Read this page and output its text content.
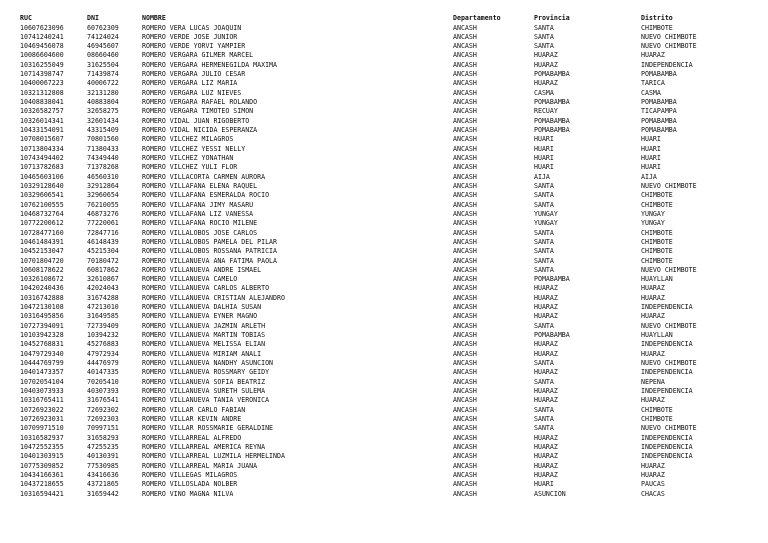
RUC	DNI	NOMBRE	Departamento	Provincia	Distrito
10607623096	60762309	ROMERO VERA LUCAS JOAQUIN	ANCASH	SANTA	CHIMBOTE
10741240241	74124024	ROMERO VERDE JOSE JUNIOR	ANCASH	SANTA	NUEVO CHIMBOTE
10469456078	46945607	ROMERO VERDE YORVI YAMPIER	ANCASH	SANTA	NUEVO CHIMBOTE
10086604600	08660460	ROMERO VERGARA GILMER MARCEL	ANCASH	HUARAZ	HUARAZ
10316255049	31625504	ROMERO VERGARA HERMENEGILDA MAXIMA	ANCASH	HUARAZ	INDEPENDENCIA
10714398747	71439874	ROMERO VERGARA JULIO CESAR	ANCASH	POMABAMBA	POMABAMBA
10400067223	40006722	ROMERO VERGARA LIZ MARIA	ANCASH	HUARAZ	TARICA
10321312808	32131280	ROMERO VERGARA LUZ NIEVES	ANCASH	CASMA	CASMA
10408838041	40883804	ROMERO VERGARA RAFAEL ROLANDO	ANCASH	POMABAMBA	POMABAMBA
10326582757	32658275	ROMERO VERGARA TIMOTEO SIMON	ANCASH	RECUAY	TICAPAMPA
10326014341	32601434	ROMERO VIDAL JUAN RIGOBERTO	ANCASH	POMABAMBA	POMABAMBA
10433154091	43315409	ROMERO VIDAL NICIDA ESPERANZA	ANCASH	POMABAMBA	POMABAMBA
10708015607	70801560	ROMERO VILCHEZ MILAGROS	ANCASH	HUARI	HUARI
10713804334	71380433	ROMERO VILCHEZ YESSI NELLY	ANCASH	HUARI	HUARI
10743494402	74349440	ROMERO VILCHEZ YONATHAN	ANCASH	HUARI	HUARI
10713782683	71378268	ROMERO VILCHEZ YULI FLOR	ANCASH	HUARI	HUARI
10465603106	46560310	ROMERO VILLACORTA CARMEN AURORA	ANCASH	AIJA	AIJA
10329128640	32912864	ROMERO VILLAFANA ELENA RAQUEL	ANCASH	SANTA	NUEVO CHIMBOTE
10329606541	32960654	ROMERO VILLAFANA ESMERALDA ROCIO	ANCASH	SANTA	CHIMBOTE
10762100555	76210055	ROMERO VILLAFANA JIMY MASARU	ANCASH	SANTA	CHIMBOTE
10468732764	46873276	ROMERO VILLAFANA LIZ VANESSA	ANCASH	YUNGAY	YUNGAY
10772200612	77220061	ROMERO VILLAFANA ROCIO MILENE	ANCASH	YUNGAY	YUNGAY
10728477160	72847716	ROMERO VILLALOBOS JOSE CARLOS	ANCASH	SANTA	CHIMBOTE
10461484391	46148439	ROMERO VILLALOBOS PAMELA DEL PILAR	ANCASH	SANTA	CHIMBOTE
10452153047	45215304	ROMERO VILLALOBOS ROSSANA PATRICIA	ANCASH	SANTA	CHIMBOTE
10701804720	70180472	ROMERO VILLANUEVA ANA FATIMA PAOLA	ANCASH	SANTA	CHIMBOTE
10608178622	60817862	ROMERO VILLANUEVA ANDRE ISMAEL	ANCASH	SANTA	NUEVO CHIMBOTE
10326108672	32610867	ROMERO VILLANUEVA CAMELO	ANCASH	POMABAMBA	HUAYLLAN
10420240436	42024043	ROMERO VILLANUEVA CARLOS ALBERTO	ANCASH	HUARAZ	HUARAZ
10316742888	31674288	ROMERO VILLANUEVA CRISTIAN ALEJANDRO	ANCASH	HUARAZ	HUARAZ
10472130108	47213010	ROMERO VILLANUEVA DALHIA SUSAN	ANCASH	HUARAZ	INDEPENDENCIA
10316495856	31649585	ROMERO VILLANUEVA EYNER MAGNO	ANCASH	HUARAZ	HUARAZ
10727394091	72739409	ROMERO VILLANUEVA JAZMIN ARLETH	ANCASH	SANTA	NUEVO CHIMBOTE
10103942328	10394232	ROMERO VILLANUEVA MARTIN TOBIAS	ANCASH	POMABAMBA	HUAYLLAN
10452768831	45276883	ROMERO VILLANUEVA MELISSA ELIAN	ANCASH	HUARAZ	INDEPENDENCIA
10479729340	47972934	ROMERO VILLANUEVA MIRIAM ANALI	ANCASH	HUARAZ	HUARAZ
10444769799	44476979	ROMERO VILLANUEVA NANDHY ASUNCION	ANCASH	SANTA	NUEVO CHIMBOTE
10401473357	40147335	ROMERO VILLANUEVA ROSSMARY GEIDY	ANCASH	HUARAZ	INDEPENDENCIA
10702054104	70205410	ROMERO VILLANUEVA SOFIA BEATRIZ	ANCASH	SANTA	NEPEÑA
10403073933	40307393	ROMERO VILLANUEVA SURETH SULEMA	ANCASH	HUARAZ	INDEPENDENCIA
10316765411	31676541	ROMERO VILLANUEVA TANIA VERONICA	ANCASH	HUARAZ	HUARAZ
10726923022	72692302	ROMERO VILLAR CARLO FABIAN	ANCASH	SANTA	CHIMBOTE
10726923031	72692303	ROMERO VILLAR KEVIN ANDRE	ANCASH	SANTA	CHIMBOTE
10709971510	70997151	ROMERO VILLAR ROSSMARIE GERALDINE	ANCASH	SANTA	NUEVO CHIMBOTE
10316582937	31658293	ROMERO VILLARREAL ALFREDO	ANCASH	HUARAZ	INDEPENDENCIA
10472552355	47255235	ROMERO VILLARREAL AMERICA REYNA	ANCASH	HUARAZ	INDEPENDENCIA
10401303915	40130391	ROMERO VILLARREAL LUZMILA HERMELINDA	ANCASH	HUARAZ	INDEPENDENCIA
10775309852	77530985	ROMERO VILLARREAL MARIA JUANA	ANCASH	HUARAZ	HUARAZ
10434166361	43416636	ROMERO VILLEGAS MILAGROS	ANCASH	HUARAZ	HUARAZ
10437218655	43721865	ROMERO VILLOSLADA NOLBER	ANCASH	HUARI	PAUCAS
10316594421	31659442	ROMERO VINO MAGNA NILVA	ANCASH	ASUNCION	CHACAS
